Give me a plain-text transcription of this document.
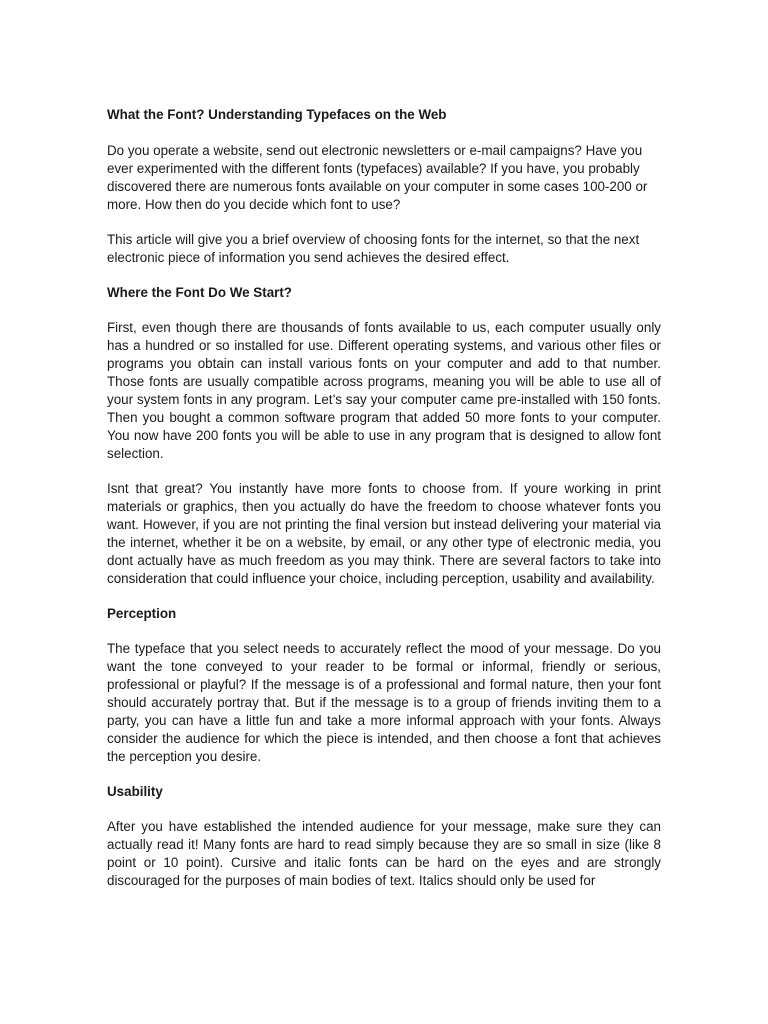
What the Font? Understanding Typefaces on the Web

Do you operate a website, send out electronic newsletters or e-mail campaigns? Have you ever experimented with the different fonts (typefaces) available? If you have, you probably discovered there are numerous fonts available on your computer in some cases 100-200 or more. How then do you decide which font to use?

This article will give you a brief overview of choosing fonts for the internet, so that the next electronic piece of information you send achieves the desired effect.

Where the Font Do We Start?

First, even though there are thousands of fonts available to us, each computer usually only has a hundred or so installed for use. Different operating systems, and various other files or programs you obtain can install various fonts on your computer and add to that number. Those fonts are usually compatible across programs, meaning you will be able to use all of your system fonts in any program. Let’s say your computer came pre-installed with 150 fonts. Then you bought a common software program that added 50 more fonts to your computer. You now have 200 fonts you will be able to use in any program that is designed to allow font selection.

Isnt that great? You instantly have more fonts to choose from. If youre working in print materials or graphics, then you actually do have the freedom to choose whatever fonts you want. However, if you are not printing the final version but instead delivering your material via the internet, whether it be on a website, by email, or any other type of electronic media, you dont actually have as much freedom as you may think. There are several factors to take into consideration that could influence your choice, including perception, usability and availability.

Perception

The typeface that you select needs to accurately reflect the mood of your message. Do you want the tone conveyed to your reader to be formal or informal, friendly or serious, professional or playful? If the message is of a professional and formal nature, then your font should accurately portray that. But if the message is to a group of friends inviting them to a party, you can have a little fun and take a more informal approach with your fonts. Always consider the audience for which the piece is intended, and then choose a font that achieves the perception you desire.

Usability

After you have established the intended audience for your message, make sure they can actually read it! Many fonts are hard to read simply because they are so small in size (like 8 point or 10 point). Cursive and italic fonts can be hard on the eyes and are strongly discouraged for the purposes of main bodies of text. Italics should only be used for
